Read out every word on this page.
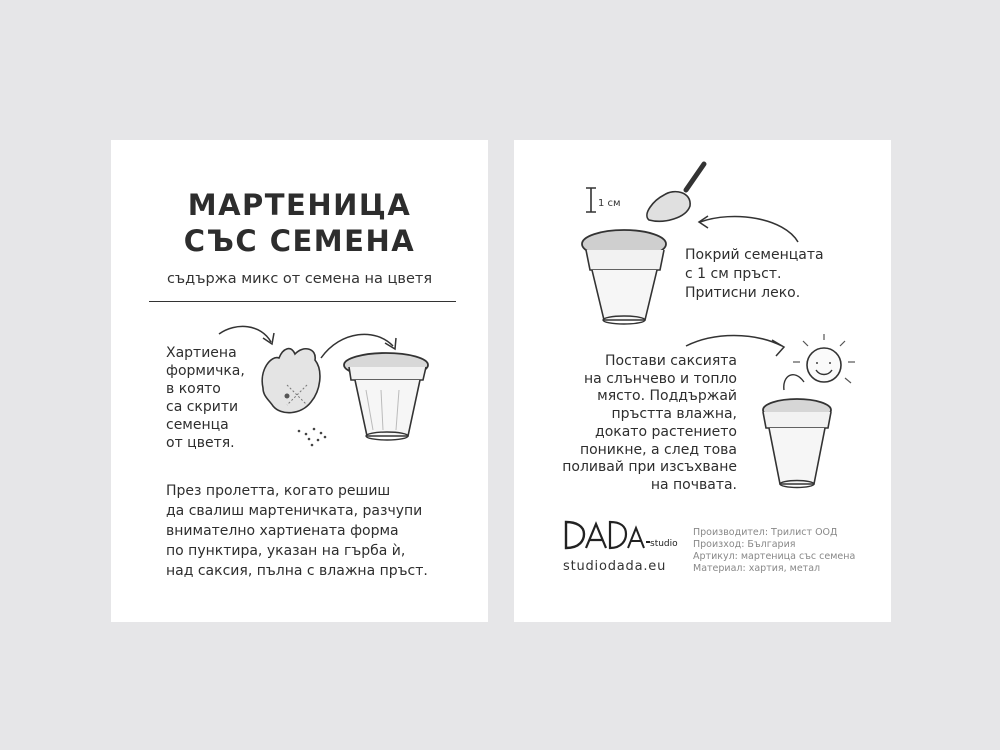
МАРТЕНИЦА
СЪС СЕМЕНА
съдържа микс от семена на цветя
Хартиена
формичка,
в която
са скрити
семенца
от цветя.
През пролетта, когато решиш
да свалиш мартеничката, разчупи
внимателно хартиената форма
по пунктира, указан на гърба ѝ,
над саксия, пълна с влажна пръст.
1 см
Покрий семенцата
с 1 см пръст.
Притисни леко.
Постави саксията
на слънчево и топло
място. Поддържай
пръстта влажна,
докато растението
поникне, а след това
поливай при изсъхване
на почвата.
studio
studiodada.eu
Производител: Трилист ООД
Произход: България
Артикул: мартеница със семена
Материал: хартия, метал
